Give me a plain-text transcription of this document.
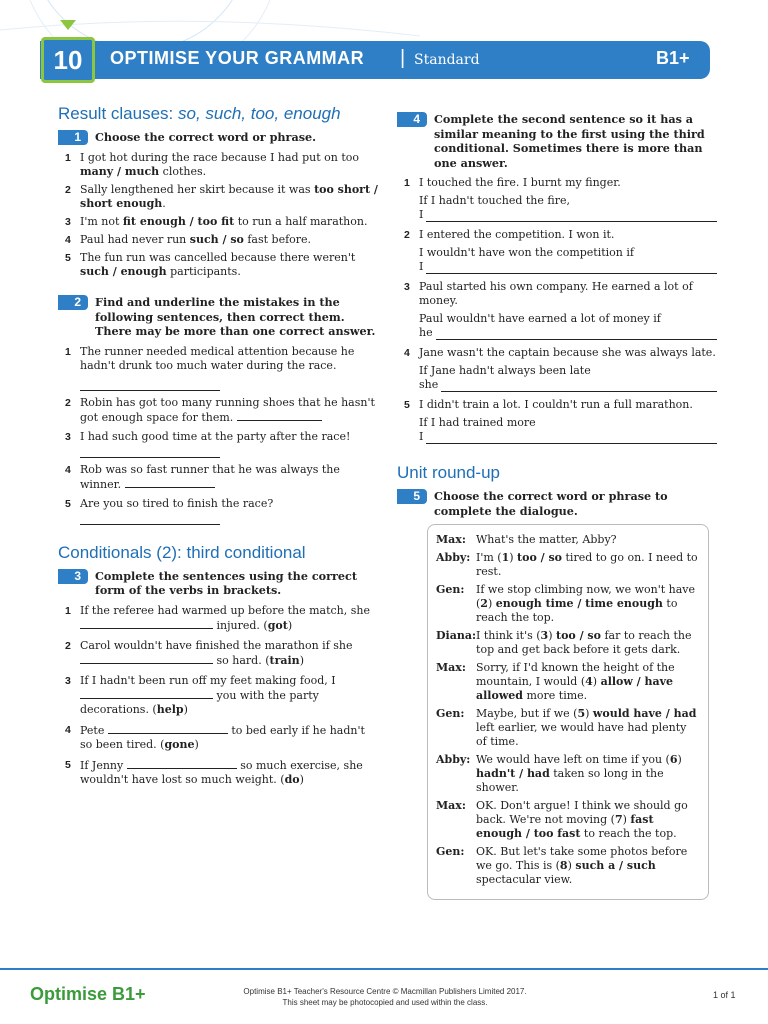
10 OPTIMISE YOUR GRAMMAR | Standard	B1+
Result clauses: so, such, too, enough
1	Choose the correct word or phrase.
1 I got hot during the race because I had put on too many / much clothes.
2 Sally lengthened her skirt because it was too short / short enough.
3 I'm not fit enough / too fit to run a half marathon.
4 Paul had never run such / so fast before.
5 The fun run was cancelled because there weren't such / enough participants.
2	Find and underline the mistakes in the following sentences, then correct them. There may be more than one correct answer.
1 The runner needed medical attention because he hadn't drunk too much water during the race.
2 Robin has got too many running shoes that he hasn't got enough space for them.
3 I had such good time at the party after the race!
4 Rob was so fast runner that he was always the winner.
5 Are you so tired to finish the race?
Conditionals (2): third conditional
3	Complete the sentences using the correct form of the verbs in brackets.
1 If the referee had warmed up before the match, she  injured. (got)
2 Carol wouldn't have finished the marathon if she  so hard. (train)
3 If I hadn't been run off my feet making food, I  you with the party decorations. (help)
4 Pete	to bed early if he hadn't so been tired. (gone)
5 If Jenny	so much exercise, she wouldn't have lost so much weight. (do)
4	Complete the second sentence so it has a similar meaning to the first using the third conditional. Sometimes there is more than one answer.
1 I touched the fire. I burnt my finger.
If I hadn't touched the fire,
I
2 I entered the competition. I won it.
I wouldn't have won the competition if
I
3 Paul started his own company. He earned a lot of money.
Paul wouldn't have earned a lot of money if
he
4 Jane wasn't the captain because she was always late.
If Jane hadn't always been late
she
5 I didn't train a lot. I couldn't run a full marathon.
If I had trained more
I
Unit round-up
5	Choose the correct word or phrase to complete the dialogue.
Max: What's the matter, Abby?
Abby: I'm (1) too / so tired to go on. I need to rest.
Gen:	If we stop climbing now, we won't have (2) enough time / time enough to reach the top.
Diana: I think it's (3) too / so far to reach the top and get back before it gets dark.
Max: Sorry, if I'd known the height of the mountain, I would (4) allow / have allowed more time.
Gen:	Maybe, but if we (5) would have / had left earlier, we would have had plenty of time.
Abby: We would have left on time if you (6) hadn't / had taken so long in the shower.
Max: OK. Don't argue! I think we should go back. We're not moving (7) fast enough / too fast to reach the top.
Gen:	OK. But let's take some photos before we go. This is (8) such a / such spectacular view.
Optimise B1+	Optimise B1+ Teacher's Resource Centre © Macmillan Publishers Limited 2017.
This sheet may be photocopied and used within the class.
1 of 1
